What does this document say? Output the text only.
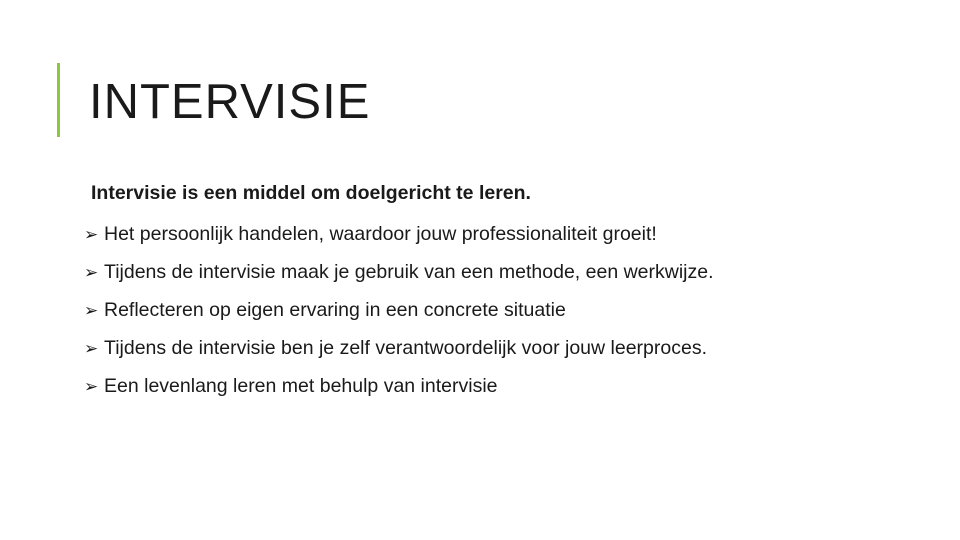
INTERVISIE
Intervisie is een middel om doelgericht te leren.
➢ Het persoonlijk handelen, waardoor jouw professionaliteit groeit!
➢ Tijdens de intervisie maak je gebruik van een methode, een werkwijze.
➢ Reflecteren op eigen ervaring in een concrete situatie
➢ Tijdens de intervisie ben je zelf verantwoordelijk voor jouw leerproces.
➢ Een levenlang leren met behulp van intervisie
